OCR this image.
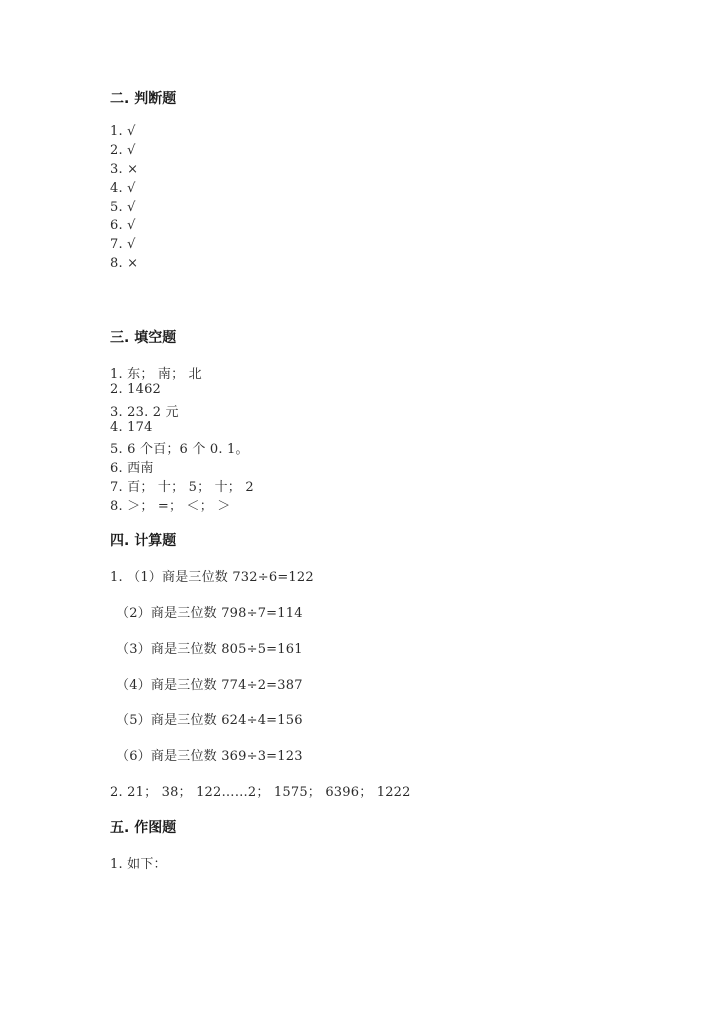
二. 判断题
1. √
2. √
3. ×
4. √
5. √
6. √
7. √
8. ×
三. 填空题
1. 东； 南； 北
2. 1462
3. 23. 2 元
4. 174
5. 6 个百；6 个 0. 1。
6. 西南
7. 百； 十； 5； 十； 2
8. ＞； =； ＜； ＞
四. 计算题
1. （1）商是三位数 732÷6=122
（2）商是三位数 798÷7=114
（3）商是三位数 805÷5=161
（4）商是三位数 774÷2=387
（5）商是三位数 624÷4=156
（6）商是三位数 369÷3=123
2. 21； 38； 122……2； 1575； 6396； 1222
五. 作图题
1. 如下：
